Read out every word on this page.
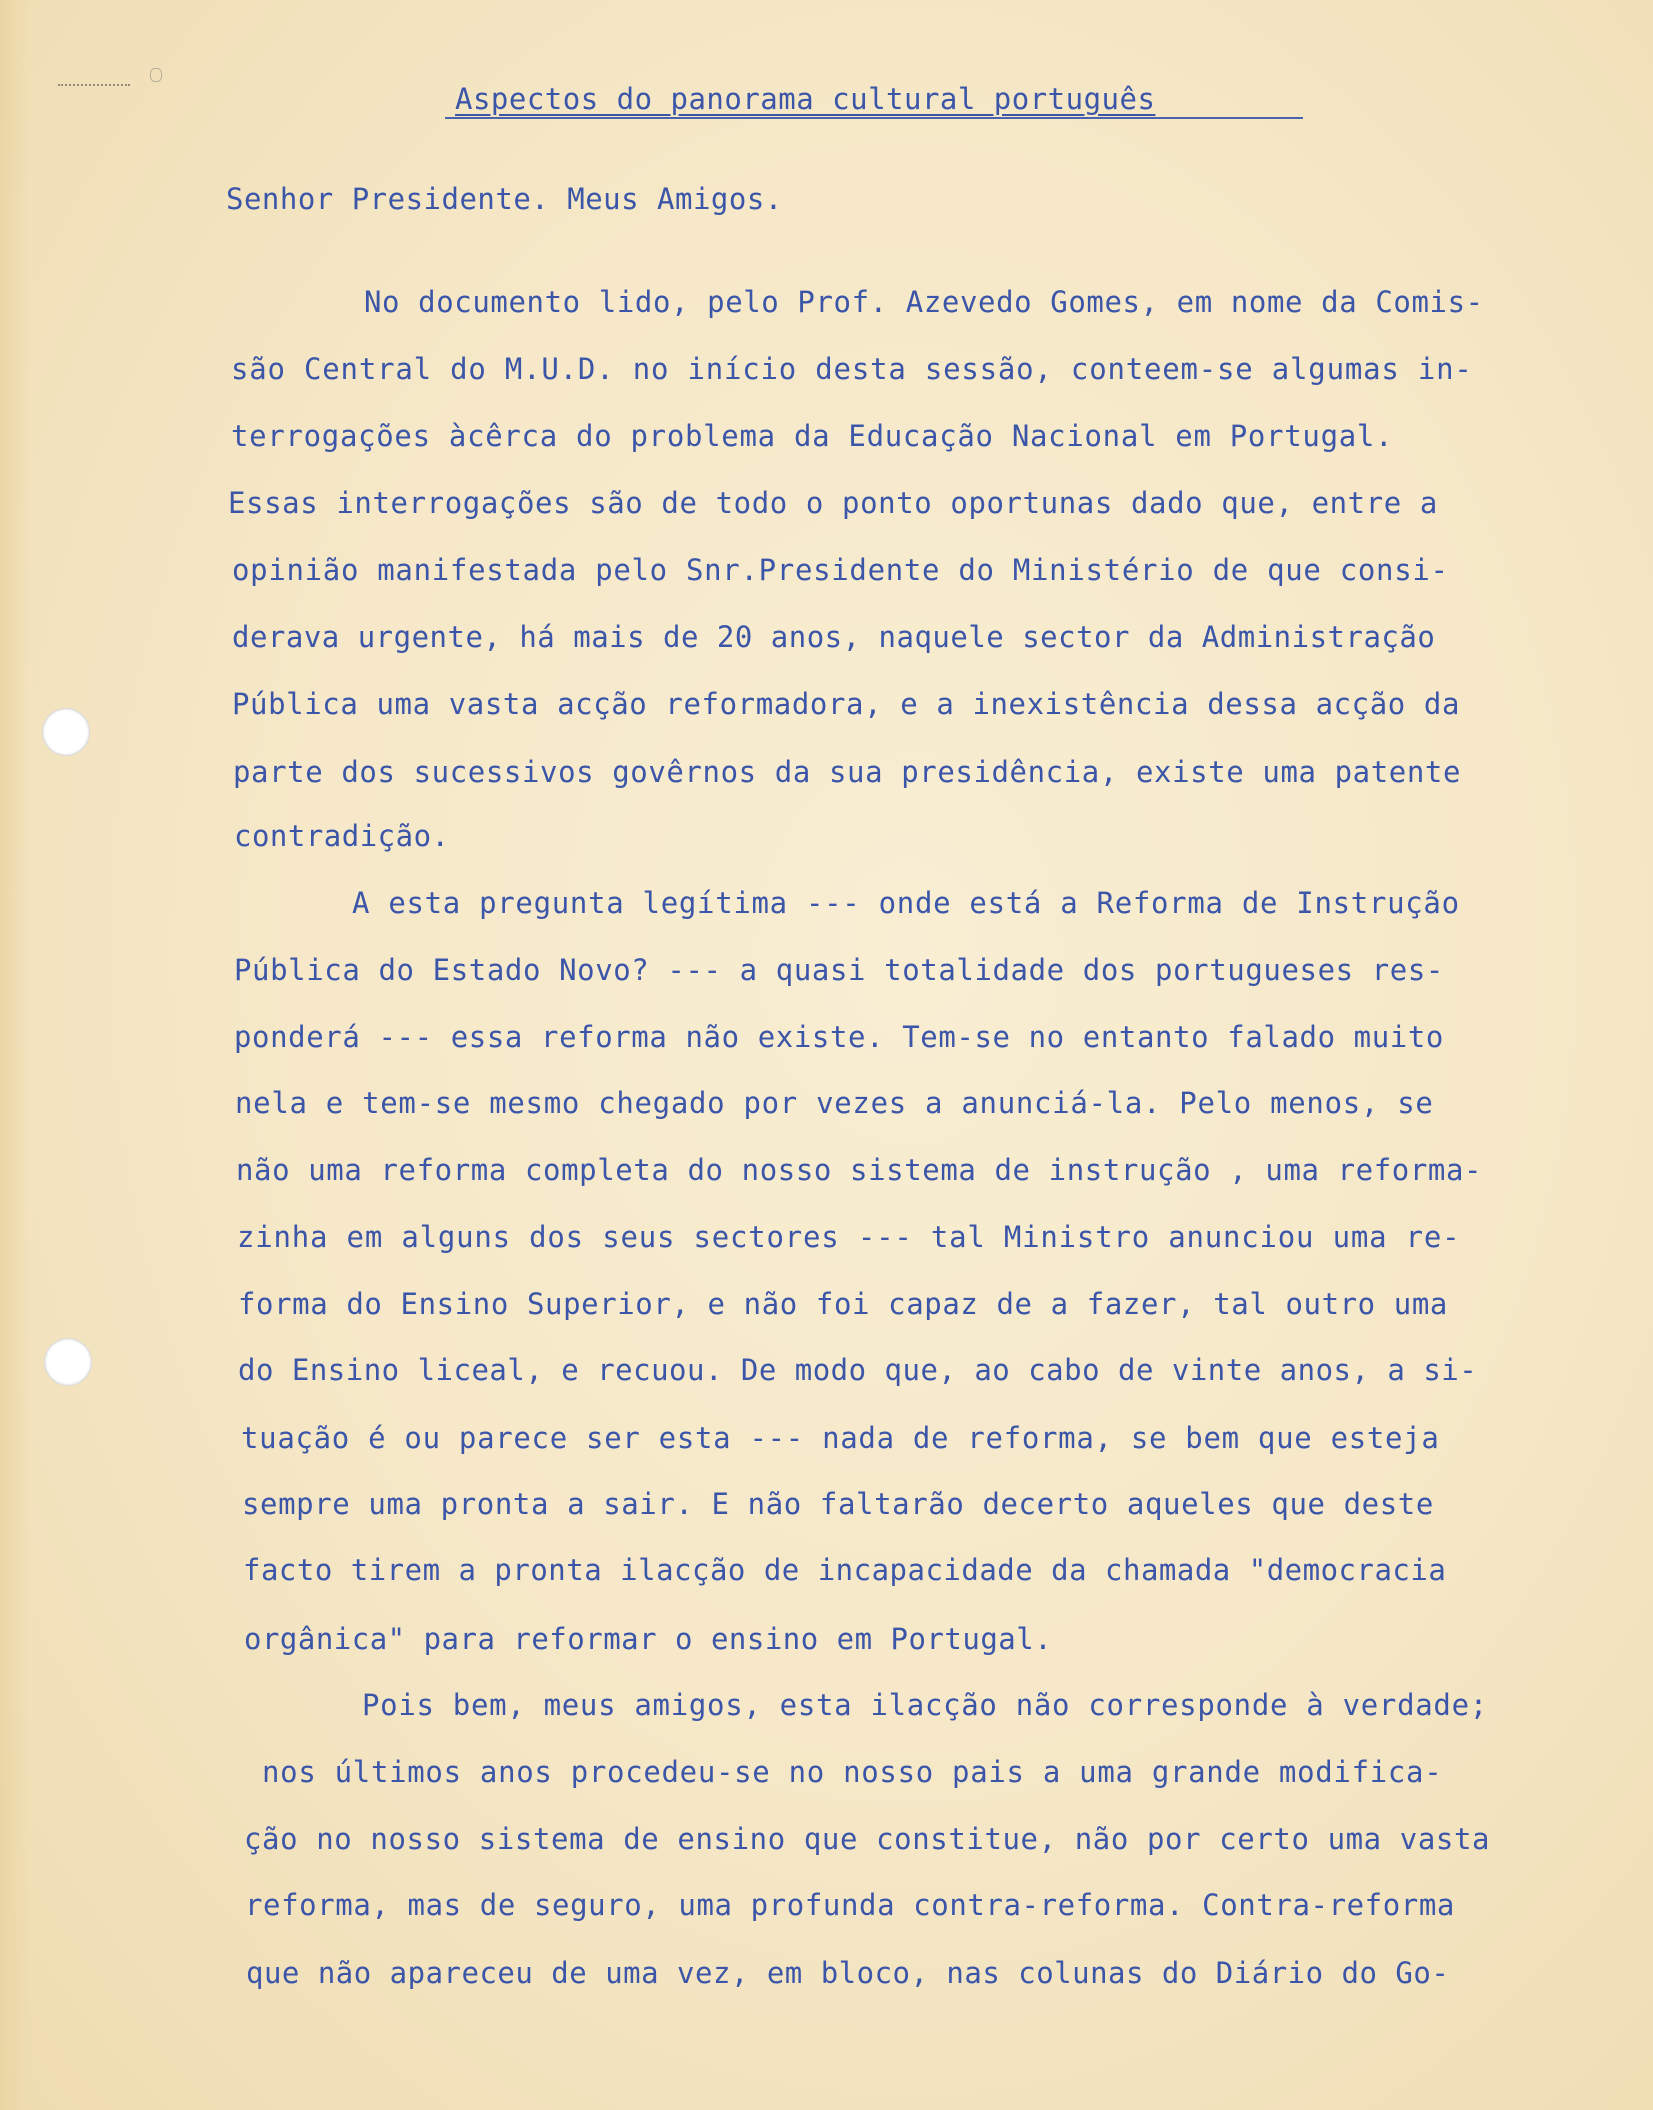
Aspectos do panorama cultural português
Senhor Presidente. Meus Amigos.
No documento lido, pelo Prof. Azevedo Gomes, em nome da Comis-
são Central do M.U.D. no início desta sessão, conteem-se algumas in-
terrogações àcêrca do problema da Educação Nacional em Portugal.
Essas interrogações são de todo o ponto oportunas dado que, entre a
opinião manifestada pelo Snr.Presidente do Ministério de que consi-
derava urgente, há mais de 20 anos, naquele sector da Administração
Pública uma vasta acção reformadora, e a inexistência dessa acção da
parte dos sucessivos govêrnos da sua presidência, existe uma patente
contradição.
A esta pregunta legítima --- onde está a Reforma de Instrução
Pública do Estado Novo? --- a quasi totalidade dos portugueses res-
ponderá --- essa reforma não existe. Tem-se no entanto falado muito
nela e tem-se mesmo chegado por vezes a anunciá-la. Pelo menos, se
não uma reforma completa do nosso sistema de instrução , uma reforma-
zinha em alguns dos seus sectores --- tal Ministro anunciou uma re-
forma do Ensino Superior, e não foi capaz de a fazer, tal outro uma
do Ensino liceal, e recuou. De modo que, ao cabo de vinte anos, a si-
tuação é ou parece ser esta --- nada de reforma, se bem que esteja
sempre uma pronta a sair. E não faltarão decerto aqueles que deste
facto tirem a pronta ilacção de incapacidade da chamada "democracia
orgânica" para reformar o ensino em Portugal.
Pois bem, meus amigos, esta ilacção não corresponde à verdade;
nos últimos anos procedeu-se no nosso pais a uma grande modifica-
ção no nosso sistema de ensino que constitue, não por certo uma vasta
reforma, mas de seguro, uma profunda contra-reforma. Contra-reforma
que não apareceu de uma vez, em bloco, nas colunas do Diário do Go-
